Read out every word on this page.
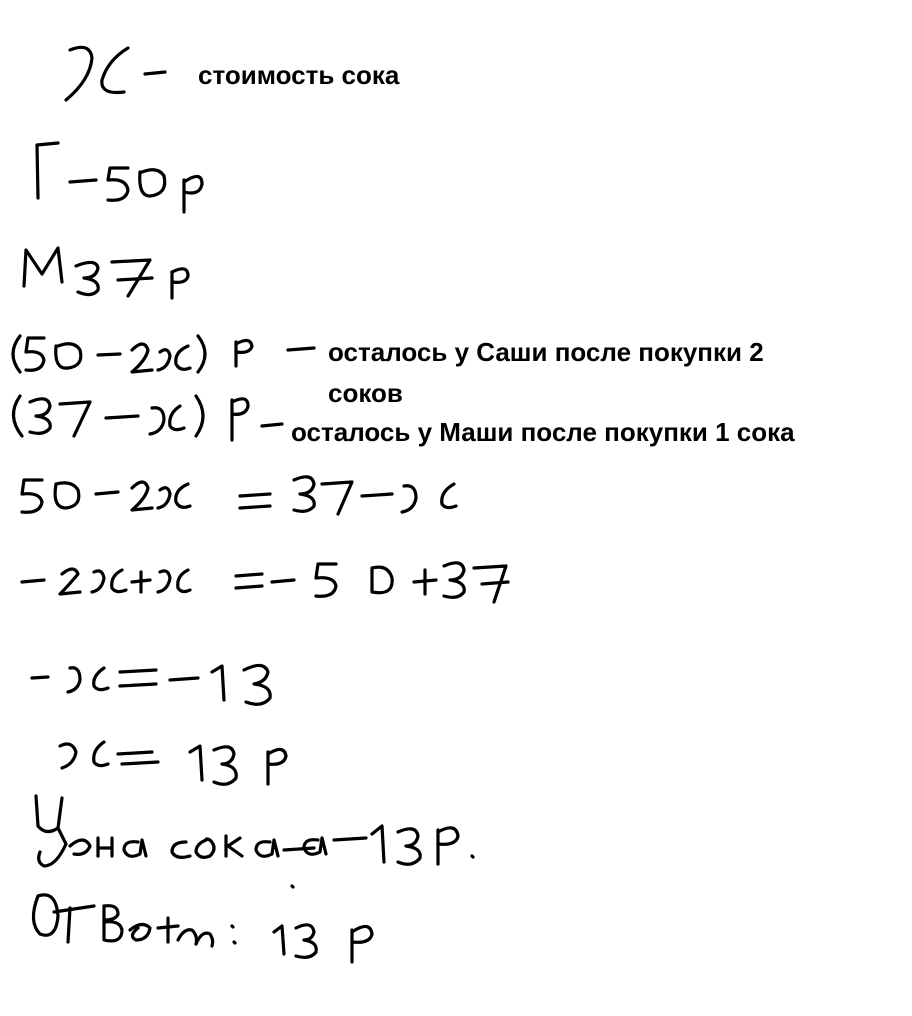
стоимость сока
осталось у Саши после покупки 2
соков
осталось у Маши после покупки 1 сока
